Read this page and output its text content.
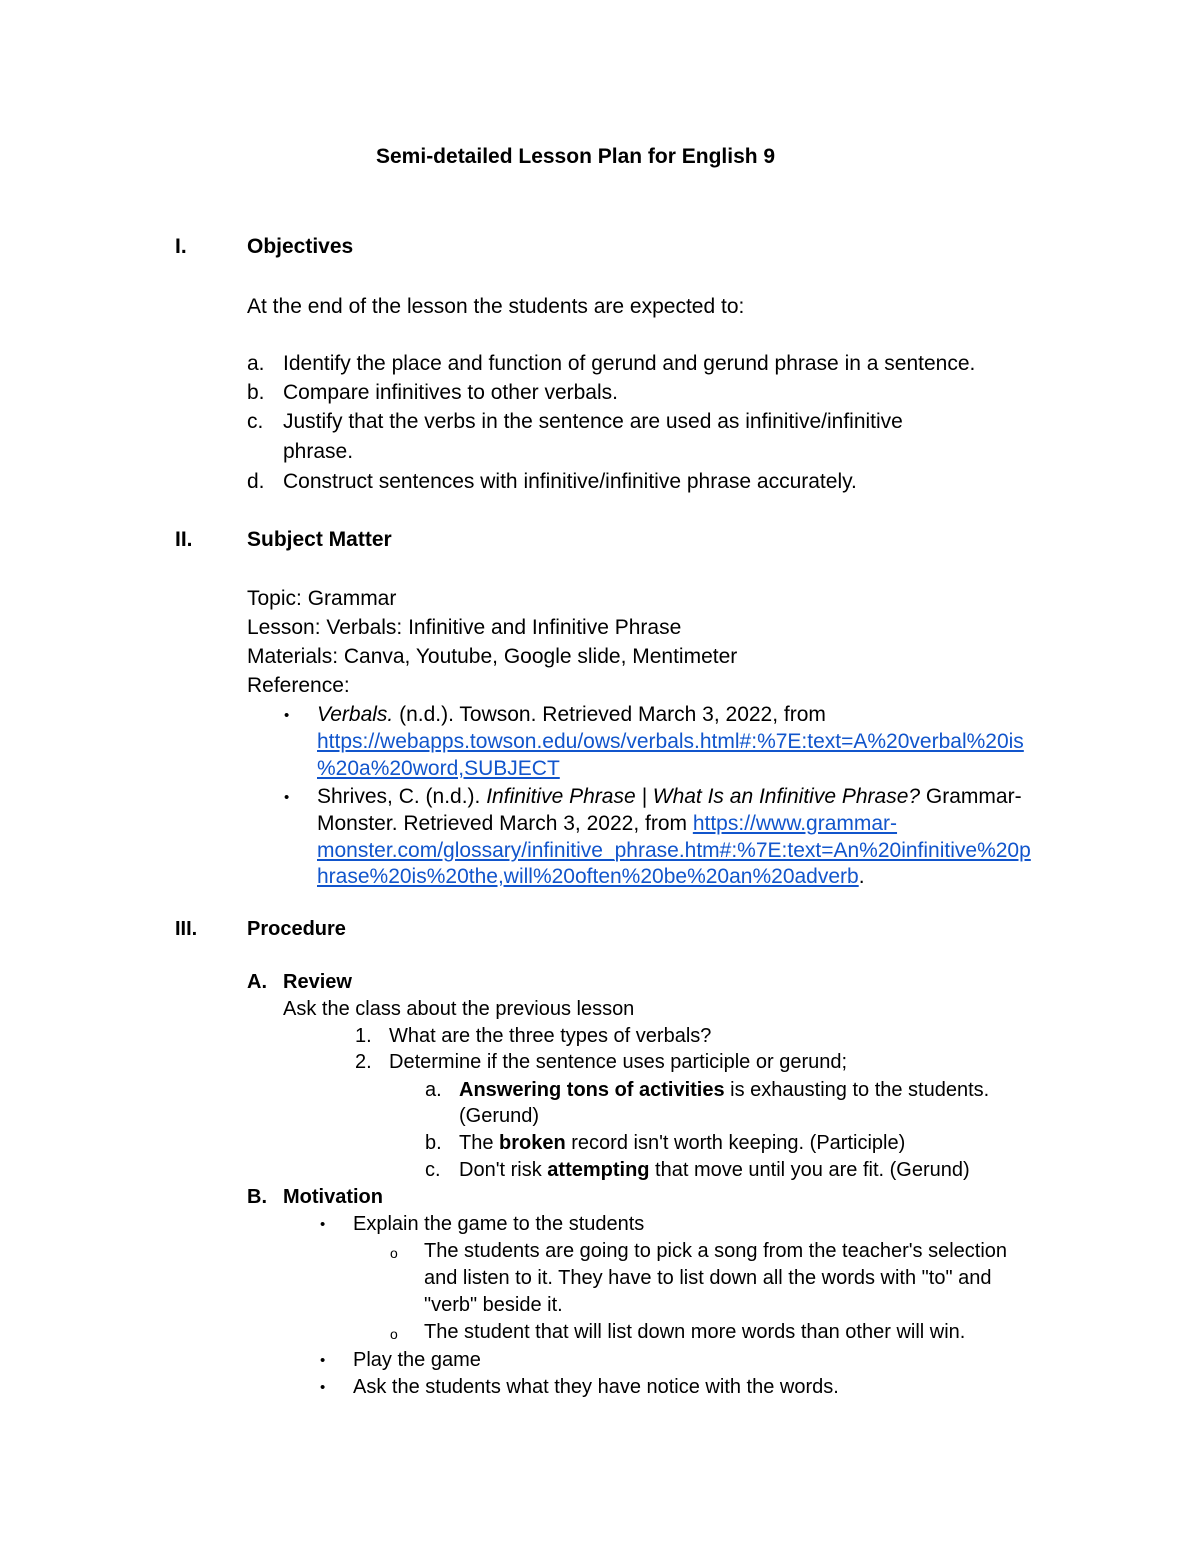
Semi-detailed Lesson Plan for English 9
I.	Objectives
At the end of the lesson the students are expected to:
a. Identify the place and function of gerund and gerund phrase in a sentence.
b. Compare infinitives to other verbals.
c. Justify that the verbs in the sentence are used as infinitive/infinitive
phrase.
d. Construct sentences with infinitive/infinitive phrase accurately.
II.	Subject Matter
Topic: Grammar
Lesson: Verbals: Infinitive and Infinitive Phrase
Materials: Canva, Youtube, Google slide, Mentimeter
Reference:
• Verbals. (n.d.). Towson. Retrieved March 3, 2022, from
https://webapps.towson.edu/ows/verbals.html#:%7E:text=A%20verbal%20is
%20a%20word,SUBJECT
• Shrives, C. (n.d.). Infinitive Phrase | What Is an Infinitive Phrase? Grammar-
Monster. Retrieved March 3, 2022, from https://www.grammar-
monster.com/glossary/infinitive_phrase.htm#:%7E:text=An%20infinitive%20p
hrase%20is%20the,will%20often%20be%20an%20adverb.
III. Procedure
A. Review
Ask the class about the previous lesson
1. What are the three types of verbals?
2. Determine if the sentence uses participle or gerund;
a. Answering tons of activities is exhausting to the students.
(Gerund)
b. The broken record isn't worth keeping. (Participle)
c. Don't risk attempting that move until you are fit. (Gerund)
B. Motivation
• Explain the game to the students
o The students are going to pick a song from the teacher's selection
and listen to it. They have to list down all the words with "to" and
"verb" beside it.
o The student that will list down more words than other will win.
• Play the game
• Ask the students what they have notice with the words.
